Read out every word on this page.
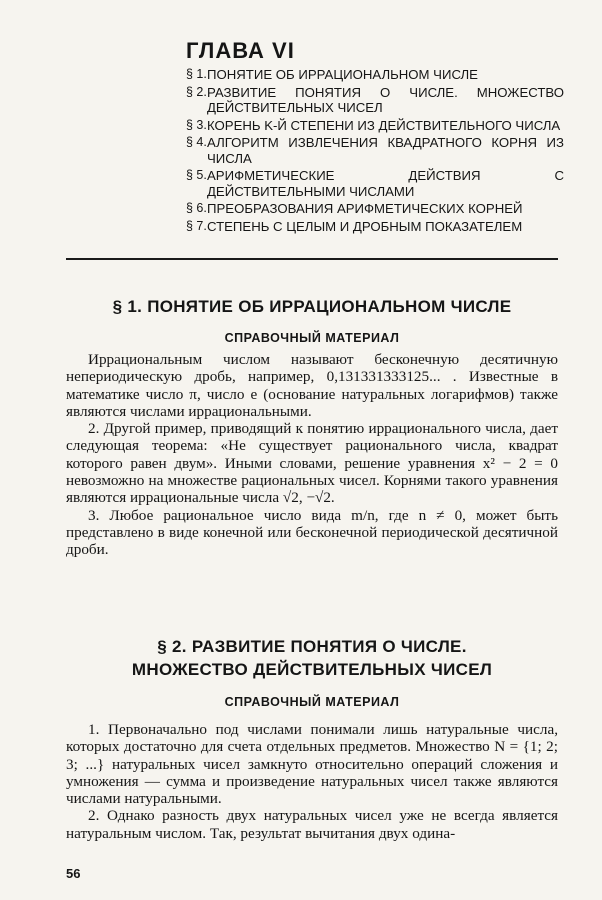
ГЛАВА VI
§ 1. ПОНЯТИЕ ОБ ИРРАЦИОНАЛЬНОМ ЧИСЛЕ
§ 2. РАЗВИТИЕ ПОНЯТИЯ О ЧИСЛЕ. МНОЖЕСТВО ДЕЙСТВИТЕЛЬНЫХ ЧИСЕЛ
§ 3. КОРЕНЬ K-Й СТЕПЕНИ ИЗ ДЕЙСТВИТЕЛЬНОГО ЧИСЛА
§ 4. АЛГОРИТМ ИЗВЛЕЧЕНИЯ КВАДРАТНОГО КОРНЯ ИЗ ЧИСЛА
§ 5. АРИФМЕТИЧЕСКИЕ ДЕЙСТВИЯ С ДЕЙСТВИТЕЛЬНЫМИ ЧИСЛАМИ
§ 6. ПРЕОБРАЗОВАНИЯ АРИФМЕТИЧЕСКИХ КОРНЕЙ
§ 7. СТЕПЕНЬ С ЦЕЛЫМ И ДРОБНЫМ ПОКАЗАТЕЛЕМ
§ 1. ПОНЯТИЕ ОБ ИРРАЦИОНАЛЬНОМ ЧИСЛЕ
СПРАВОЧНЫЙ МАТЕРИАЛ

Иррациональным числом называют бесконечную десятичную непериодическую дробь, например, 0,131331333125... . Известные в математике число π, число e (основание натуральных логарифмов) также являются числами иррациональными.

2. Другой пример, приводящий к понятию иррационального числа, дает следующая теорема: «Не существует рационального числа, квадрат которого равен двум». Иными словами, решение уравнения x² − 2 = 0 невозможно на множестве рациональных чисел. Корнями такого уравнения являются иррациональные числа √2, −√2.

3. Любое рациональное число вида m/n, где n ≠ 0, может быть представлено в виде конечной или бесконечной периодической десятичной дроби.

§ 2. РАЗВИТИЕ ПОНЯТИЯ О ЧИСЛЕ.
МНОЖЕСТВО ДЕЙСТВИТЕЛЬНЫХ ЧИСЕЛ
СПРАВОЧНЫЙ МАТЕРИАЛ

1. Первоначально под числами понимали лишь натуральные числа, которых достаточно для счета отдельных предметов. Множество N = {1; 2; 3; ...} натуральных чисел замкнуто относительно операций сложения и умножения — сумма и произведение натуральных чисел также являются числами натуральными.

2. Однако разность двух натуральных чисел уже не всегда является натуральным числом. Так, результат вычитания двух одина-

56
